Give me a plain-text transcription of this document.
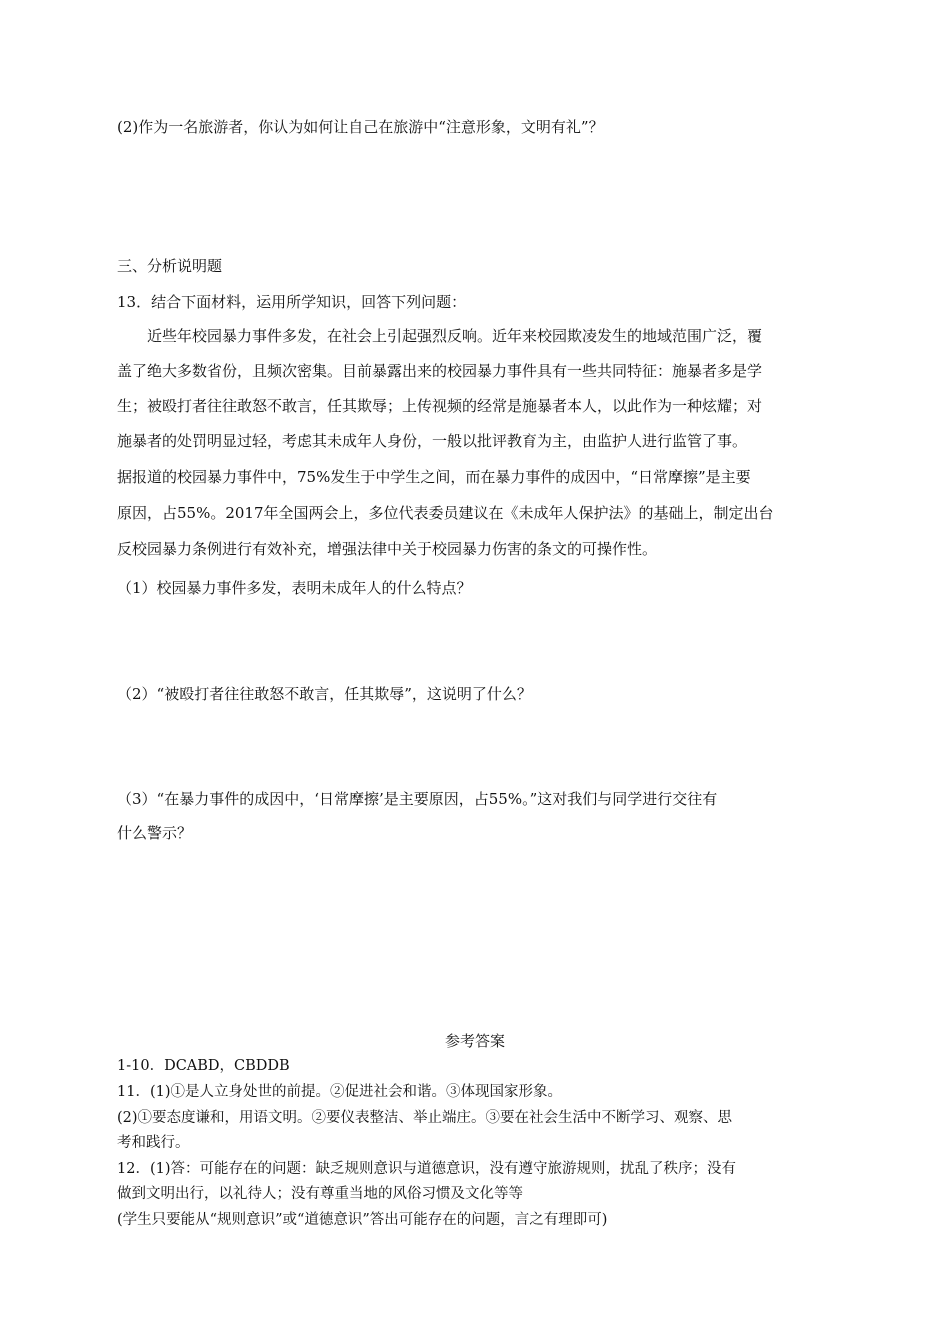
(2)作为一名旅游者，你认为如何让自己在旅游中“注意形象，文明有礼”？
三、分析说明题
13．结合下面材料，运用所学知识，回答下列问题：
近些年校园暴力事件多发，在社会上引起强烈反响。近年来校园欺凌发生的地域范围广泛，覆
盖了绝大多数省份，且频次密集。目前暴露出来的校园暴力事件具有一些共同特征：施暴者多是学
生；被殴打者往往敢怒不敢言，任其欺辱；上传视频的经常是施暴者本人，以此作为一种炫耀；对
施暴者的处罚明显过轻，考虑其未成年人身份，一般以批评教育为主，由监护人进行监管了事。
据报道的校园暴力事件中，75%发生于中学生之间，而在暴力事件的成因中，“日常摩擦”是主要
原因，占55%。2017年全国两会上，多位代表委员建议在《未成年人保护法》的基础上，制定出台
反校园暴力条例进行有效补充，增强法律中关于校园暴力伤害的条文的可操作性。
（1）校园暴力事件多发，表明未成年人的什么特点？
（2）“被殴打者往往敢怒不敢言，任其欺辱”，这说明了什么？
（3）“在暴力事件的成因中，‘日常摩擦’是主要原因，占55%。”这对我们与同学进行交往有
什么警示？
参考答案
1-10．DCABD，CBDDB
11．(1)①是人立身处世的前提。②促进社会和谐。③体现国家形象。
(2)①要态度谦和，用语文明。②要仪表整洁、举止端庄。③要在社会生活中不断学习、观察、思
考和践行。
12．(1)答：可能存在的问题：缺乏规则意识与道德意识，没有遵守旅游规则，扰乱了秩序；没有
做到文明出行，以礼待人；没有尊重当地的风俗习惯及文化等等
(学生只要能从“规则意识”或“道德意识”答出可能存在的问题，言之有理即可)
